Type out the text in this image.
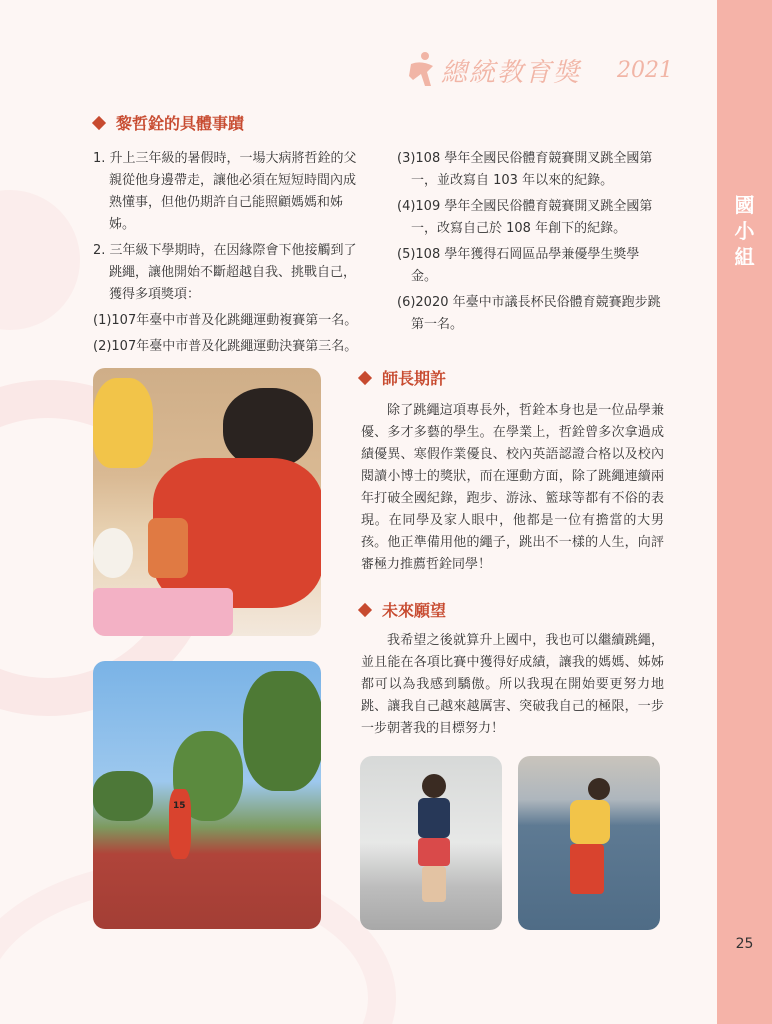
國
小
組
25
總統教育獎 2021
黎哲銓的具體事蹟
1. 升上三年級的暑假時，一場大病將哲銓的父親從他身邊帶走，讓他必須在短短時間內成熟懂事，但他仍期許自己能照顧媽媽和姊姊。
2. 三年級下學期時，在因緣際會下他接觸到了跳繩，讓他開始不斷超越自我、挑戰自己，獲得多項獎項：
(1)107年臺中市普及化跳繩運動複賽第一名。
(2)107年臺中市普及化跳繩運動決賽第三名。
(3)108 學年全國民俗體育競賽開叉跳全國第一，並改寫自 103 年以來的紀錄。
(4)109 學年全國民俗體育競賽開叉跳全國第一，改寫自己於 108 年創下的紀錄。
(5)108 學年獲得石岡區品學兼優學生獎學金。
(6)2020 年臺中市議長杯民俗體育競賽跑步跳第一名。
師長期許

除了跳繩這項專長外，哲銓本身也是一位品學兼優、多才多藝的學生。在學業上，哲銓曾多次拿過成績優異、寒假作業優良、校內英語認證合格以及校內閱讀小博士的獎狀，而在運動方面，除了跳繩連續兩年打破全國紀錄，跑步、游泳、籃球等都有不俗的表現。在同學及家人眼中，他都是一位有擔當的大男孩。他正準備用他的繩子，跳出不一樣的人生，向評審極力推薦哲銓同學！

未來願望

我希望之後就算升上國中，我也可以繼續跳繩，並且能在各項比賽中獲得好成績，讓我的媽媽、姊姊都可以為我感到驕傲。所以我現在開始要更努力地跳、讓我自己越來越厲害、突破我自己的極限，一步一步朝著我的目標努力！

15
